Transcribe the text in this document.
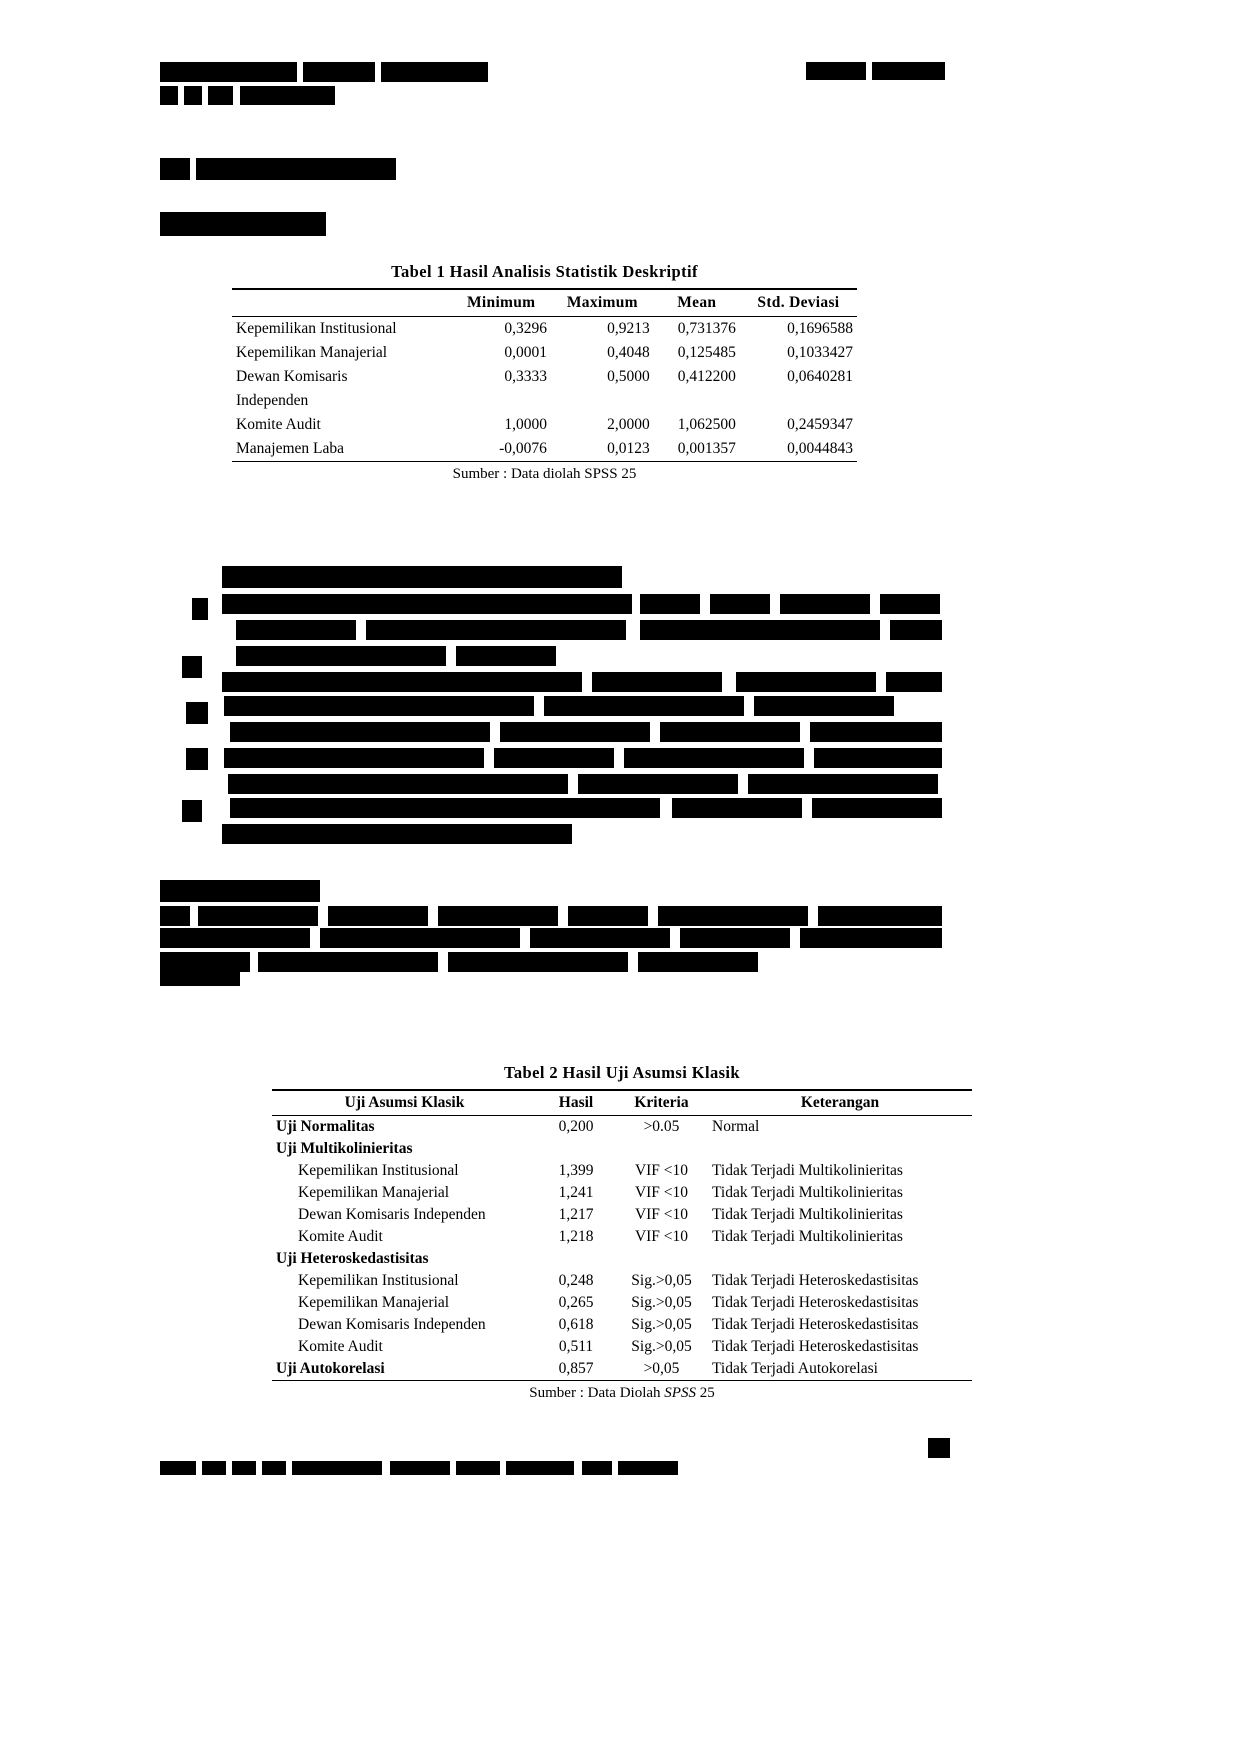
Tabel 1 Hasil Analisis Statistik Deskriptif
	Minimum	Maximum	Mean	Std. Deviasi
Kepemilikan Institusional	0,3296	0,9213	0,731376	0,1696588
Kepemilikan Manajerial	0,0001	0,4048	0,125485	0,1033427
Dewan Komisaris	0,3333	0,5000	0,412200	0,0640281
Independen				
Komite Audit	1,0000	2,0000	1,062500	0,2459347
Manajemen Laba	-0,0076	0,0123	0,001357	0,0044843
Sumber : Data diolah SPSS 25
Tabel 2 Hasil Uji Asumsi Klasik
Uji Asumsi Klasik	Hasil	Kriteria	Keterangan
Uji Normalitas	0,200	>0.05	Normal
Uji Multikolinieritas			
Kepemilikan Institusional	1,399	VIF <10	Tidak Terjadi Multikolinieritas
Kepemilikan Manajerial	1,241	VIF <10	Tidak Terjadi Multikolinieritas
Dewan Komisaris Independen	1,217	VIF <10	Tidak Terjadi Multikolinieritas
Komite Audit	1,218	VIF <10	Tidak Terjadi Multikolinieritas
Uji Heteroskedastisitas			
Kepemilikan Institusional	0,248	Sig.>0,05	Tidak Terjadi Heteroskedastisitas
Kepemilikan Manajerial	0,265	Sig.>0,05	Tidak Terjadi Heteroskedastisitas
Dewan Komisaris Independen	0,618	Sig.>0,05	Tidak Terjadi Heteroskedastisitas
Komite Audit	0,511	Sig.>0,05	Tidak Terjadi Heteroskedastisitas
Uji Autokorelasi	0,857	>0,05	Tidak Terjadi Autokorelasi
Sumber : Data Diolah SPSS 25
